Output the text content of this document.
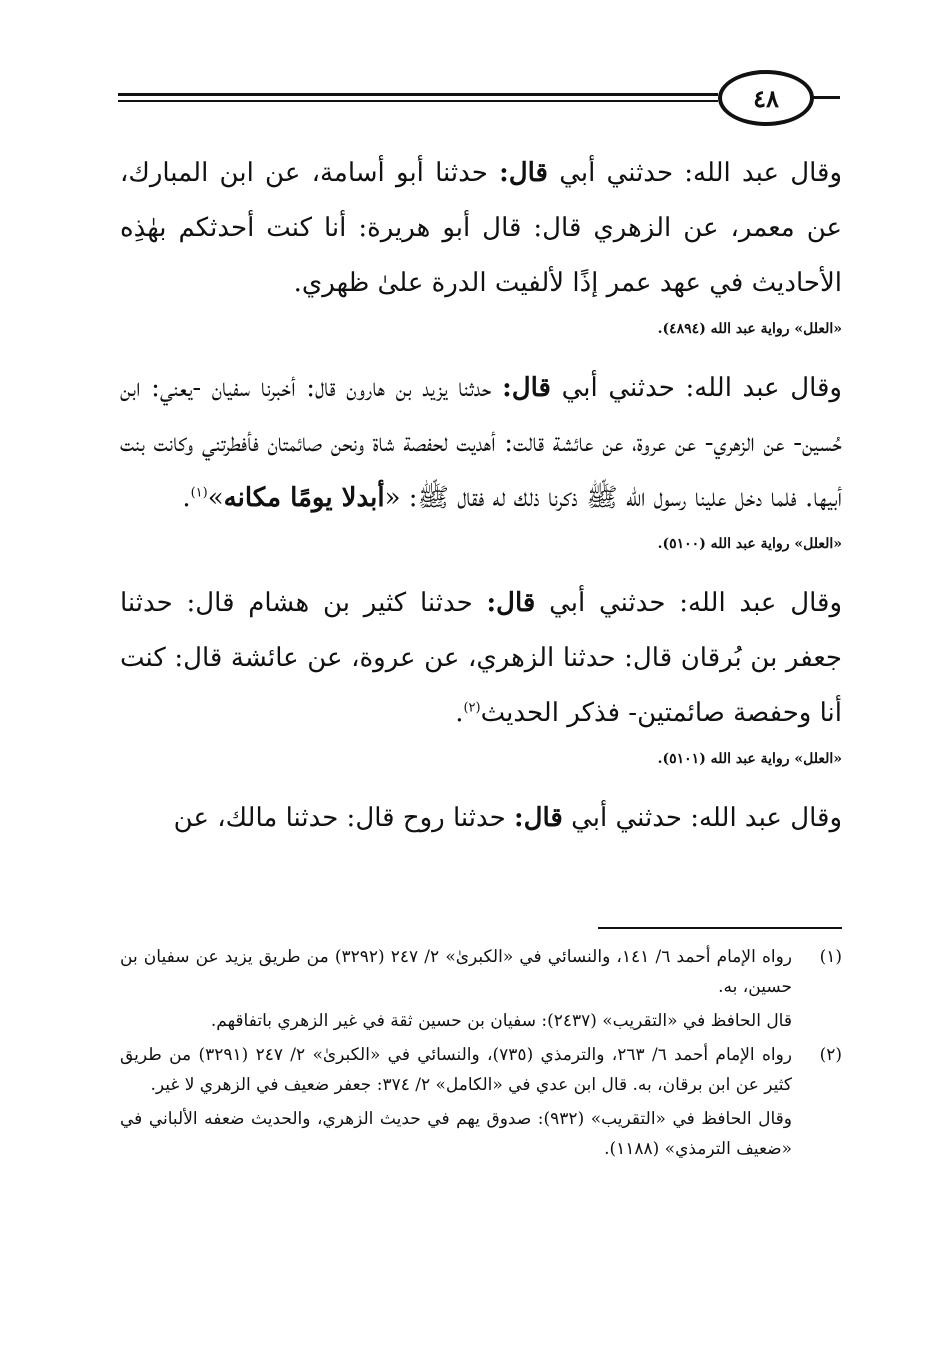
٤٨

وقال عبد الله: حدثني أبي قال: حدثنا أبو أسامة، عن ابن المبارك، عن معمر، عن الزهري قال: قال أبو هريرة: أنا كنت أحدثكم بهٰذِه الأحاديث في عهد عمر إذًا لألفيت الدرة علىٰ ظهري.

«العلل» رواية عبد الله (٤٨٩٤).

وقال عبد الله: حدثني أبي قال: حدثنا يزيد بن هارون قال: أخبرنا سفيان -يعني: ابن حُسين- عن الزهري- عن عروة، عن عائشة قالت: أهديت لحفصة شاة ونحن صائمتان فأفطرتني وكانت بنت أبيها. فلما دخل علينا رسول الله ﷺ ذكرنا ذلك له فقال ﷺ: «أبدلا يومًا مكانه»$^{(١)}$.

«العلل» رواية عبد الله (٥١٠٠).

وقال عبد الله: حدثني أبي قال: حدثنا كثير بن هشام قال: حدثنا جعفر بن بُرقان قال: حدثنا الزهري، عن عروة، عن عائشة قال: كنت أنا وحفصة صائمتين- فذكر الحديث$^{(٢)}$.

«العلل» رواية عبد الله (٥١٠١).

وقال عبد الله: حدثني أبي قال: حدثنا روح قال: حدثنا مالك، عن

(١)

رواه الإمام أحمد ٦/ ١٤١، والنسائي في «الكبرىٰ» ٢/ ٢٤٧ (٣٢٩٢) من طريق يزيد عن سفيان بن حسين، به.

قال الحافظ في «التقريب» (٢٤٣٧): سفيان بن حسين ثقة في غير الزهري باتفاقهم.

(٢)

رواه الإمام أحمد ٦/ ٢٦٣، والترمذي (٧٣٥)، والنسائي في «الكبرىٰ» ٢/ ٢٤٧ (٣٢٩١) من طريق كثير عن ابن برقان، به. قال ابن عدي في «الكامل» ٢/ ٣٧٤: جعفر ضعيف في الزهري لا غير.

وقال الحافظ في «التقريب» (٩٣٢): صدوق يهم في حديث الزهري، والحديث ضعفه الألباني في «ضعيف الترمذي» (١١٨٨).
